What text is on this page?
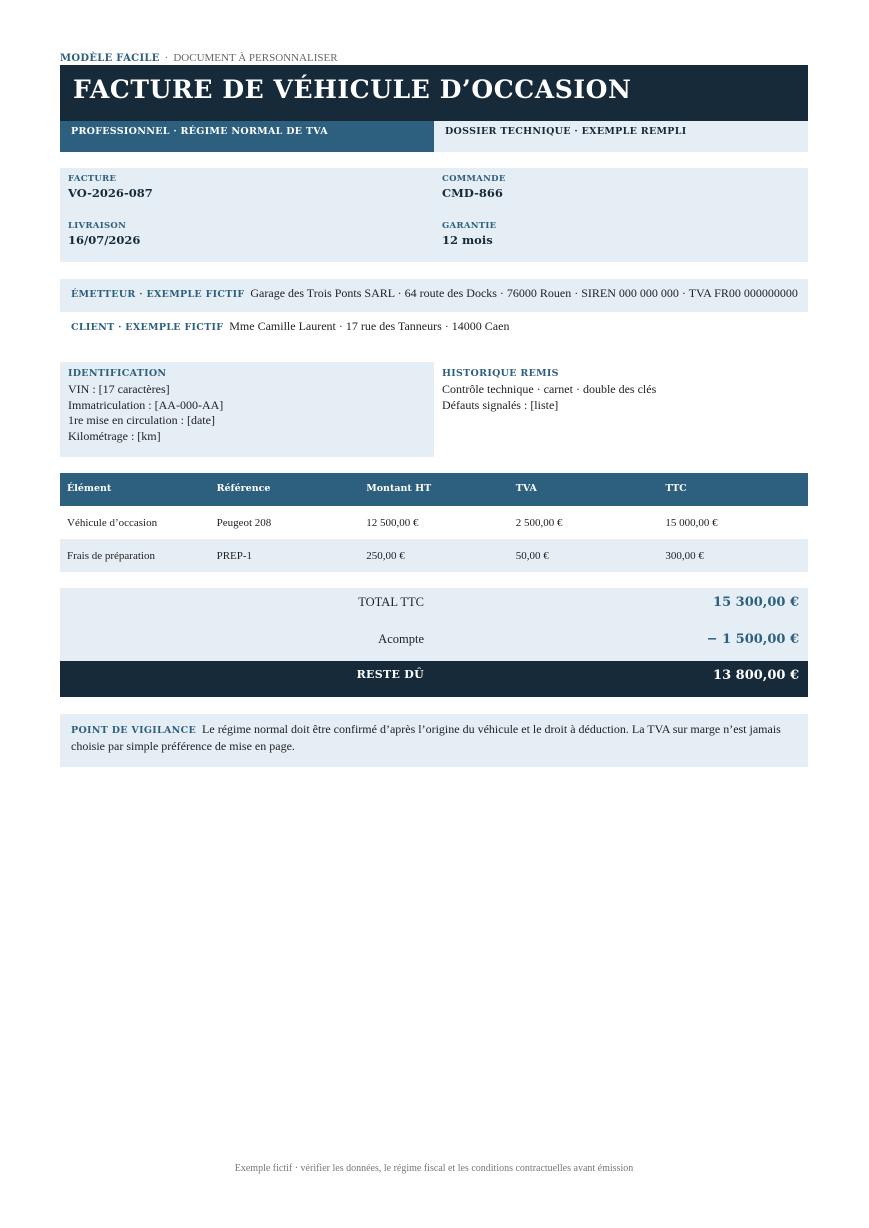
MODÈLE FACILE · DOCUMENT À PERSONNALISER
FACTURE DE VÉHICULE D’OCCASION
PROFESSIONNEL · RÉGIME NORMAL DE TVA	DOSSIER TECHNIQUE · EXEMPLE REMPLI
FACTURE
VO-2026-087
COMMANDE
CMD-866
LIVRAISON
16/07/2026
GARANTIE
12 mois
ÉMETTEUR · EXEMPLE FICTIF Garage des Trois Ponts SARL · 64 route des Docks · 76000 Rouen · SIREN 000 000 000 · TVA FR00 000000000
CLIENT · EXEMPLE FICTIF Mme Camille Laurent · 17 rue des Tanneurs · 14000 Caen
IDENTIFICATION
VIN : [17 caractères]
Immatriculation : [AA-000-AA]
1re mise en circulation : [date]
Kilométrage : [km]
HISTORIQUE REMIS
Contrôle technique · carnet · double des clés
Défauts signalés : [liste]
Élément	Référence	Montant HT	TVA	TTC
Véhicule d’occasion	Peugeot 208	12 500,00 €	2 500,00 €	15 000,00 €
Frais de préparation	PREP-1	250,00 €	50,00 €	300,00 €
TOTAL TTC	15 300,00 €
Acompte	− 1 500,00 €
RESTE DÛ	13 800,00 €
POINT DE VIGILANCE Le régime normal doit être confirmé d’après l’origine du véhicule et le droit à déduction. La TVA sur marge n’est jamais choisie par simple préférence de mise en page.
Exemple fictif · vérifier les données, le régime fiscal et les conditions contractuelles avant émission
